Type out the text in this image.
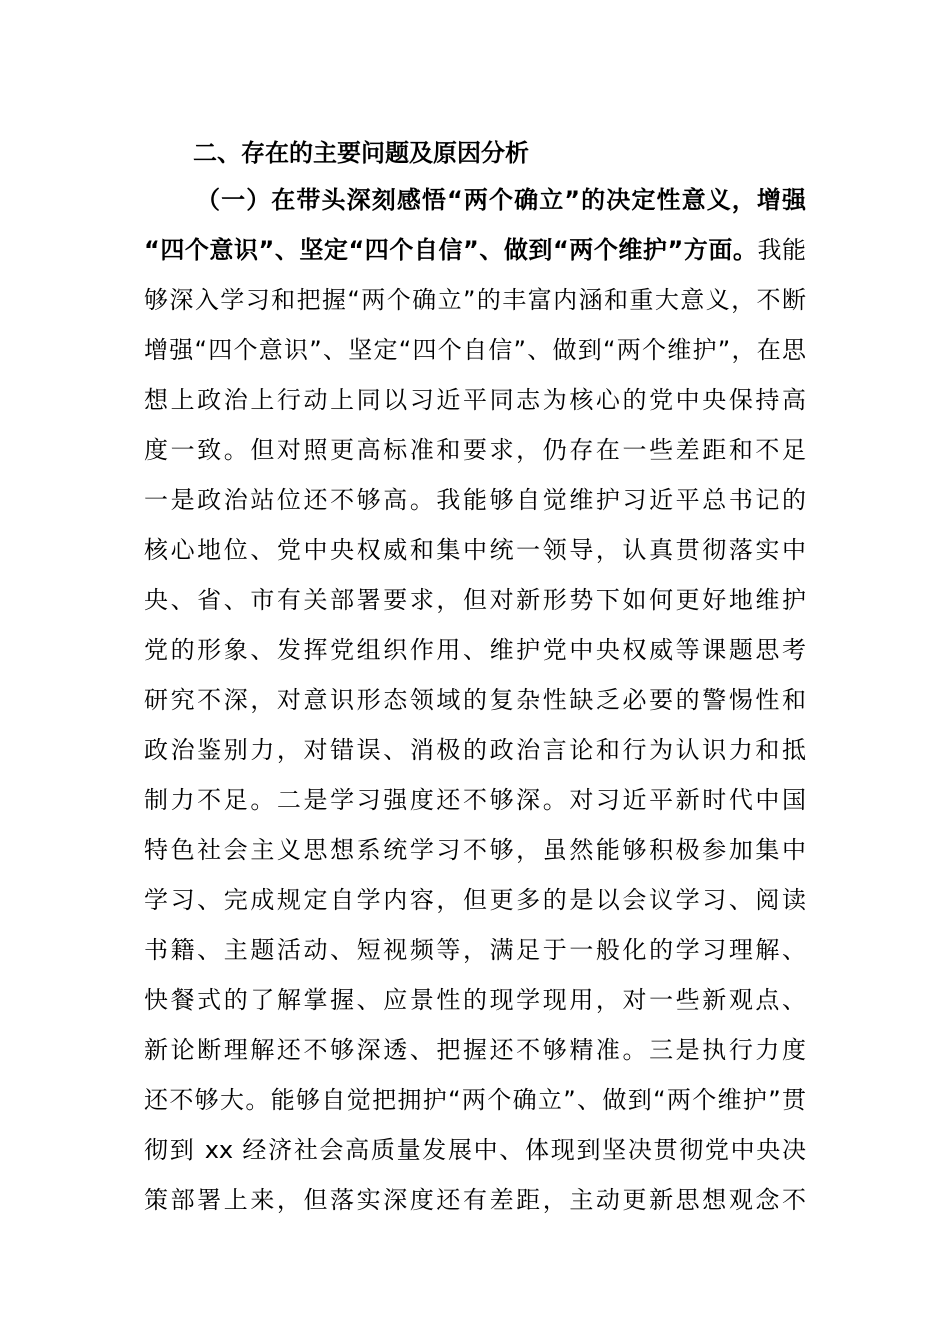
二、存在的主要问题及原因分析
（一）在带头深刻感悟“两个确立”的决定性意义，增强
“四个意识”、坚定“四个自信”、做到“两个维护”方面。我能
够深入学习和把握“两个确立”的丰富内涵和重大意义，不断
增强“四个意识”、坚定“四个自信”、做到“两个维护”，在思
想上政治上行动上同以习近平同志为核心的党中央保持高
度一致。但对照更高标准和要求，仍存在一些差距和不足
一是政治站位还不够高。我能够自觉维护习近平总书记的
核心地位、党中央权威和集中统一领导，认真贯彻落实中
央、省、市有关部署要求，但对新形势下如何更好地维护
党的形象、发挥党组织作用、维护党中央权威等课题思考
研究不深，对意识形态领域的复杂性缺乏必要的警惕性和
政治鉴别力，对错误、消极的政治言论和行为认识力和抵
制力不足。二是学习强度还不够深。对习近平新时代中国
特色社会主义思想系统学习不够，虽然能够积极参加集中
学习、完成规定自学内容，但更多的是以会议学习、阅读
书籍、主题活动、短视频等，满足于一般化的学习理解、
快餐式的了解掌握、应景性的现学现用，对一些新观点、
新论断理解还不够深透、把握还不够精准。三是执行力度
还不够大。能够自觉把拥护“两个确立”、做到“两个维护”贯
彻到 xx 经济社会高质量发展中、体现到坚决贯彻党中央决
策部署上来，但落实深度还有差距，主动更新思想观念不
